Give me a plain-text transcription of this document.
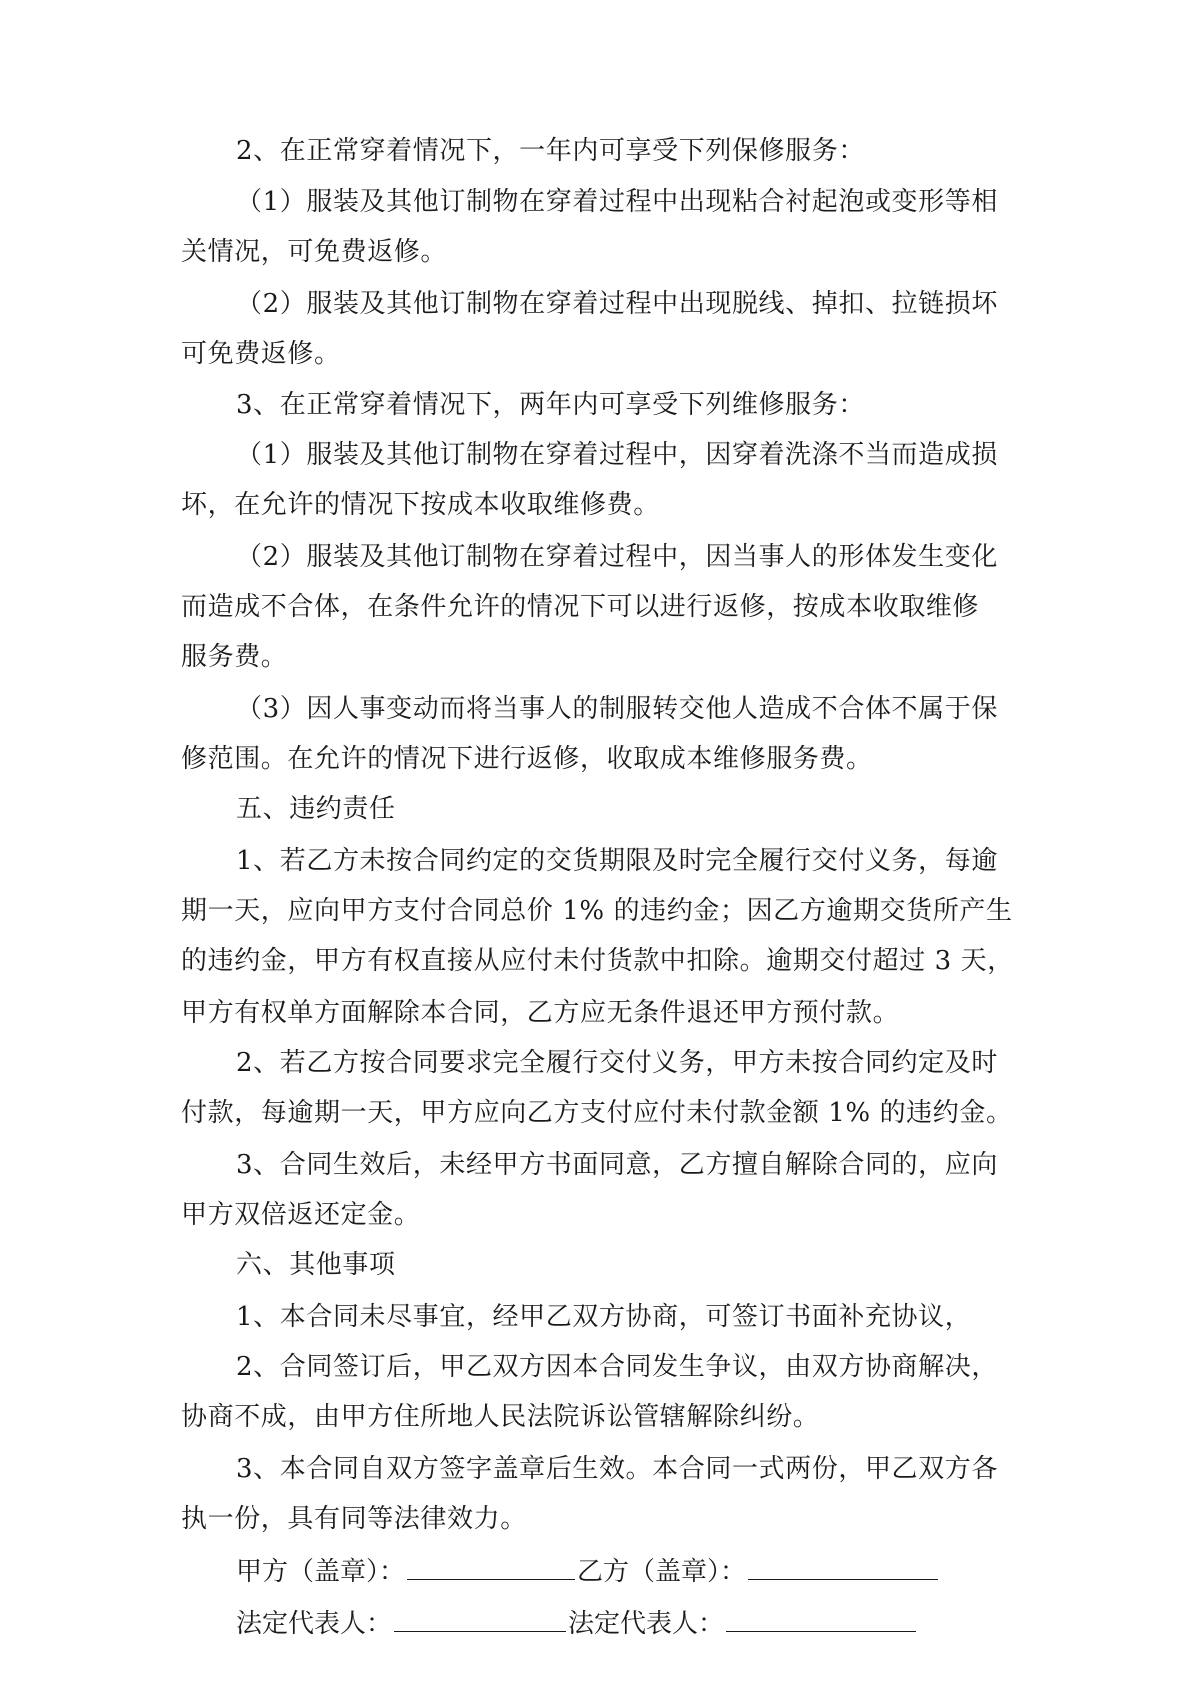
2、在正常穿着情况下，一年内可享受下列保修服务：
（1）服装及其他订制物在穿着过程中出现粘合衬起泡或变形等相
关情况，可免费返修。
（2）服装及其他订制物在穿着过程中出现脱线、掉扣、拉链损坏
可免费返修。
3、在正常穿着情况下，两年内可享受下列维修服务：
（1）服装及其他订制物在穿着过程中，因穿着洗涤不当而造成损
坏，在允许的情况下按成本收取维修费。
（2）服装及其他订制物在穿着过程中，因当事人的形体发生变化
而造成不合体，在条件允许的情况下可以进行返修，按成本收取维修
服务费。
（3）因人事变动而将当事人的制服转交他人造成不合体不属于保
修范围。在允许的情况下进行返修，收取成本维修服务费。
五、违约责任
1、若乙方未按合同约定的交货期限及时完全履行交付义务，每逾
期一天，应向甲方支付合同总价 1% 的违约金；因乙方逾期交货所产生
的违约金，甲方有权直接从应付未付货款中扣除。逾期交付超过 3 天，
甲方有权单方面解除本合同，乙方应无条件退还甲方预付款。
2、若乙方按合同要求完全履行交付义务，甲方未按合同约定及时
付款，每逾期一天，甲方应向乙方支付应付未付款金额 1% 的违约金。
3、合同生效后，未经甲方书面同意，乙方擅自解除合同的，应向
甲方双倍返还定金。
六、其他事项
1、本合同未尽事宜，经甲乙双方协商，可签订书面补充协议，
2、合同签订后，甲乙双方因本合同发生争议，由双方协商解决，
协商不成，由甲方住所地人民法院诉讼管辖解除纠纷。
3、本合同自双方签字盖章后生效。本合同一式两份，甲乙双方各
执一份，具有同等法律效力。
甲方（盖章）：	乙方（盖章）：
法定代表人：	法定代表人：
